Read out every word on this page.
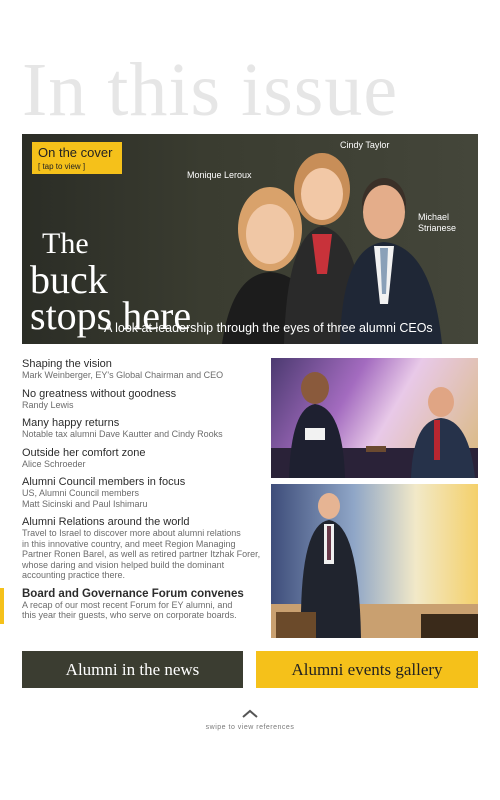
In this issue
On the cover
[ tap to view ]
Cindy Taylor
Monique Leroux
Michael
Strianese
The
buck
stops here
A look at leadership through the eyes of three alumni CEOs
Shaping the vision
Mark Weinberger, EY's Global Chairman and CEO
No greatness without goodness
Randy Lewis
Many happy returns
Notable tax alumni Dave Kautter and Cindy Rooks
Outside her comfort zone
Alice Schroeder
Alumni Council members in focus
US, Alumni Council members
Matt Sicinski and Paul Ishimaru
Alumni Relations around the world
Travel to Israel to discover more about alumni relations
in this innovative country, and meet Region Managing
Partner Ronen Barel, as well as retired partner Itzhak Forer,
whose daring and vision helped build the dominant
accounting practice there.
Board and Governance Forum convenes
A recap of our most recent Forum for EY alumni, and
this year their guests, who serve on corporate boards.
Alumni in the news	Alumni events gallery
swipe to view references
